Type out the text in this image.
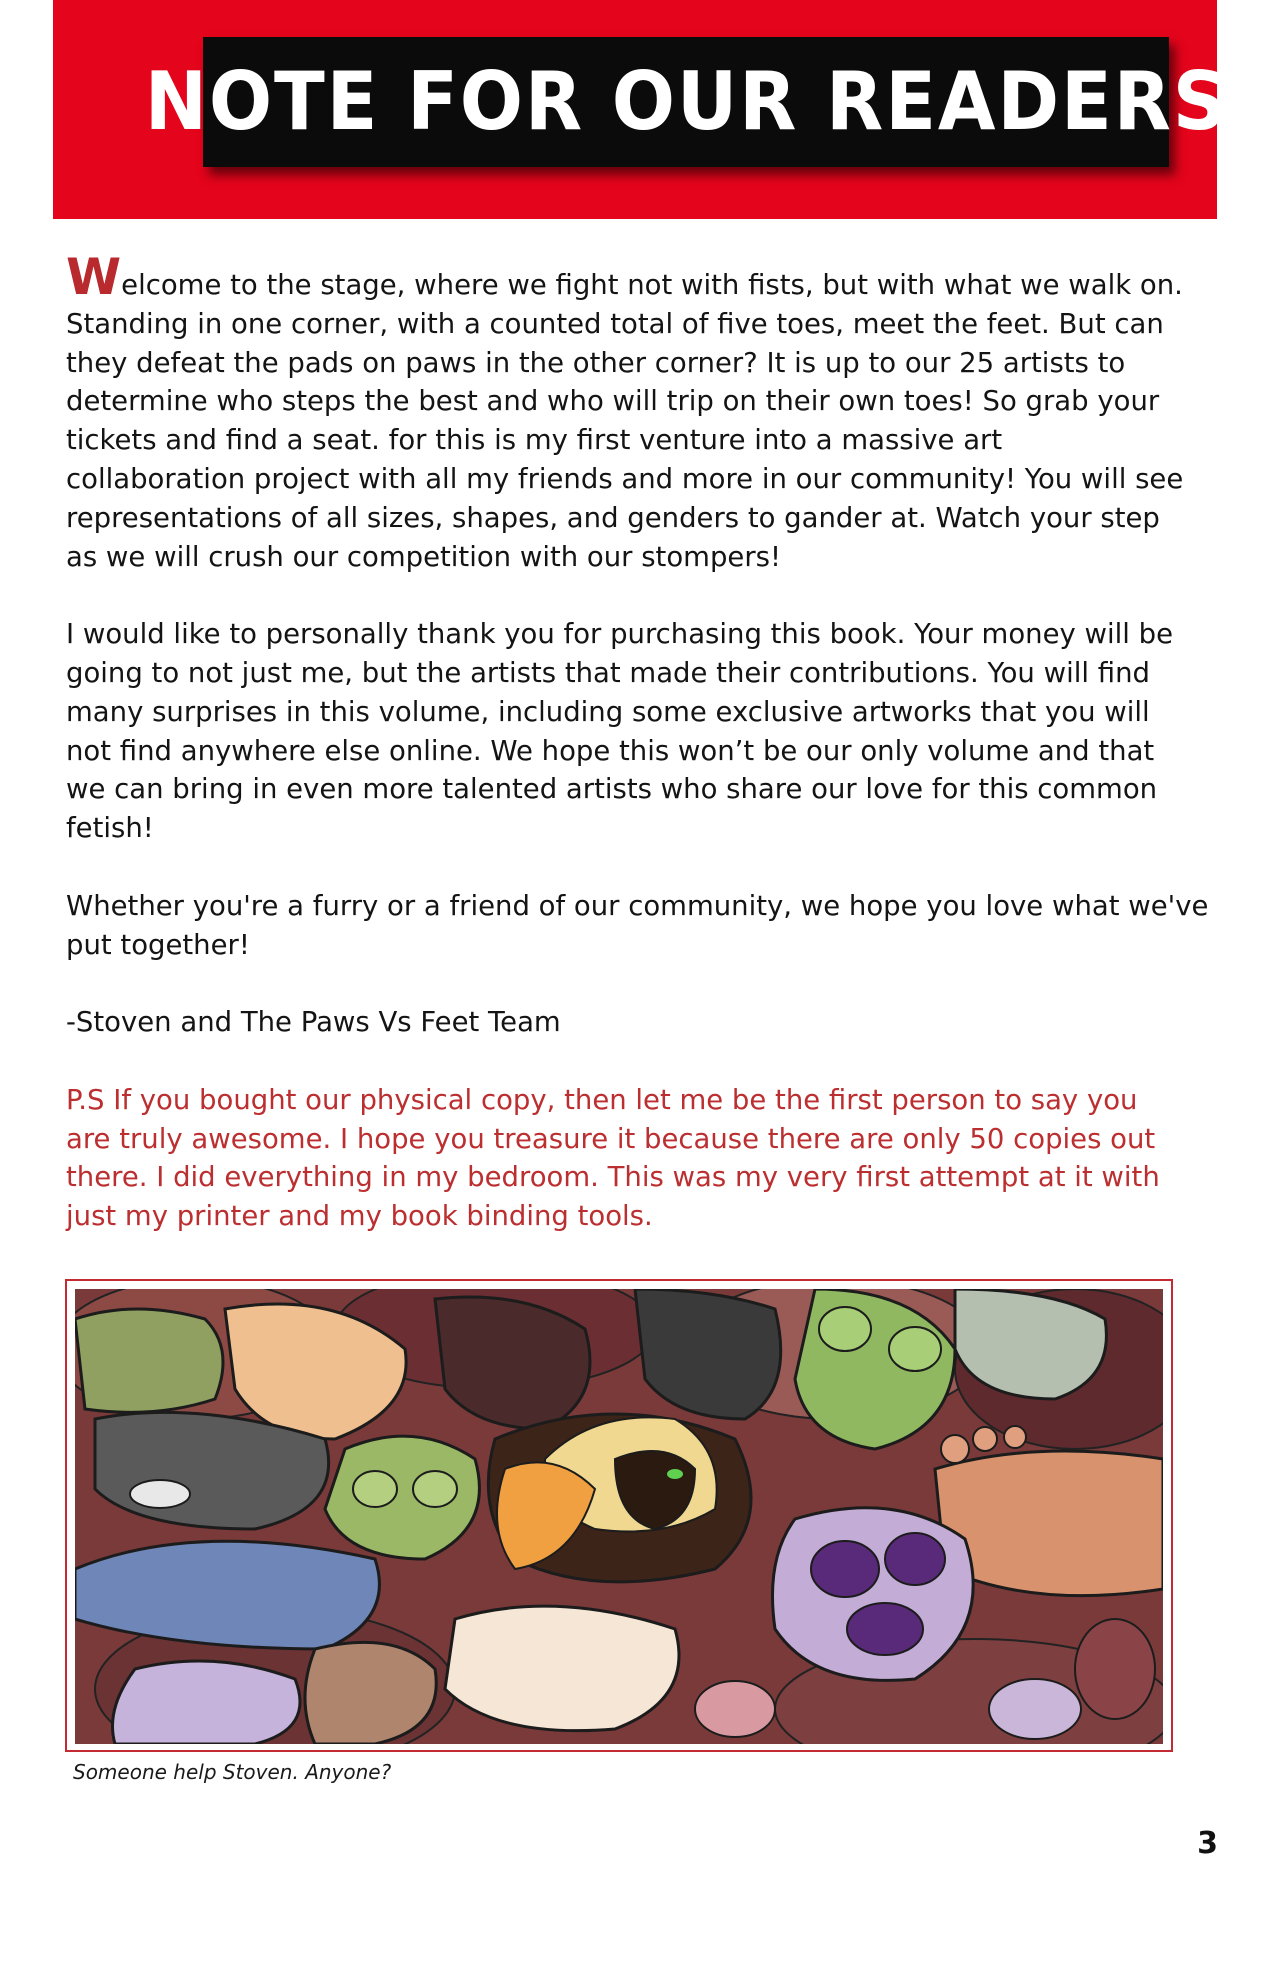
NOTE FOR OUR READERS

Welcome to the stage, where we fight not with fists, but with what we walk on.
Standing in one corner, with a counted total of five toes, meet the feet. But can
they defeat the pads on paws in the other corner? It is up to our 25 artists to
determine who steps the best and who will trip on their own toes! So grab your
tickets and find a seat. for this is my first venture into a massive art
collaboration project with all my friends and more in our community! You will see
representations of all sizes, shapes, and genders to gander at. Watch your step
as we will crush our competition with our stompers!

I would like to personally thank you for purchasing this book. Your money will be
going to not just me, but the artists that made their contributions. You will find
many surprises in this volume, including some exclusive artworks that you will
not find anywhere else online. We hope this won’t be our only volume and that
we can bring in even more talented artists who share our love for this common
fetish!

Whether you're a furry or a friend of our community, we hope you love what we've
put together!

-Stoven and The Paws Vs Feet Team

P.S If you bought our physical copy, then let me be the first person to say you
are truly awesome. I hope you treasure it because there are only 50 copies out
there. I did everything in my bedroom. This was my very first attempt at it with
just my printer and my book binding tools.

Someone help Stoven. Anyone?
3
